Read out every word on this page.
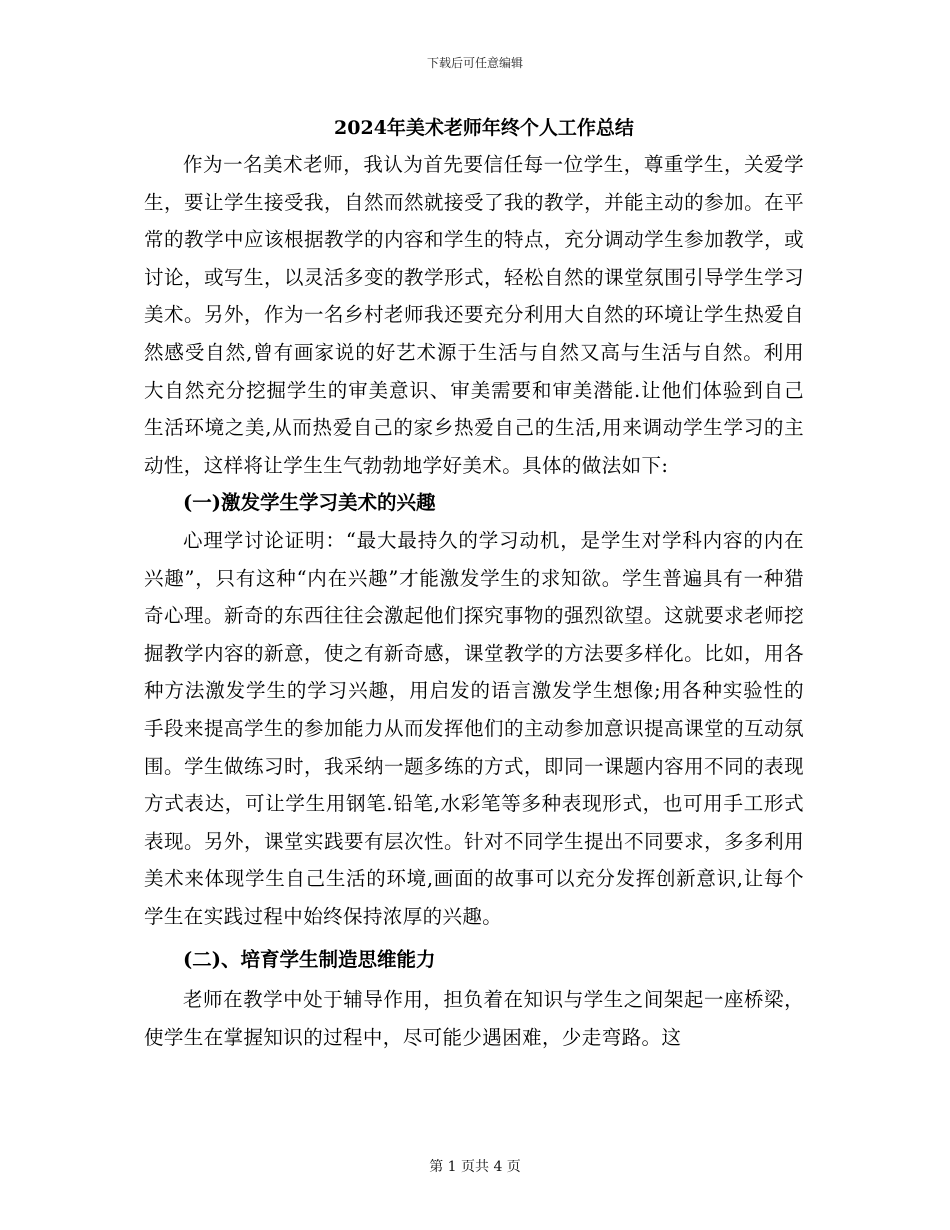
下载后可任意编辑
2024年美术老师年终个人工作总结

作为一名美术老师，我认为首先要信任每一位学生，尊重学生，关爱学生，要让学生接受我，自然而然就接受了我的教学，并能主动的参加。在平常的教学中应该根据教学的内容和学生的特点，充分调动学生参加教学，或讨论，或写生，以灵活多变的教学形式，轻松自然的课堂氛围引导学生学习美术。另外，作为一名乡村老师我还要充分利用大自然的环境让学生热爱自然感受自然,曾有画家说的好艺术源于生活与自然又高与生活与自然。利用大自然充分挖掘学生的审美意识、审美需要和审美潜能.让他们体验到自己生活环境之美,从而热爱自己的家乡热爱自己的生活,用来调动学生学习的主动性，这样将让学生生气勃勃地学好美术。具体的做法如下:

(一)激发学生学习美术的兴趣

心理学讨论证明：“最大最持久的学习动机，是学生对学科内容的内在兴趣”，只有这种“内在兴趣”才能激发学生的求知欲。学生普遍具有一种猎奇心理。新奇的东西往往会激起他们探究事物的强烈欲望。这就要求老师挖掘教学内容的新意，使之有新奇感，课堂教学的方法要多样化。比如，用各种方法激发学生的学习兴趣，用启发的语言激发学生想像;用各种实验性的手段来提高学生的参加能力从而发挥他们的主动参加意识提高课堂的互动氛围。学生做练习时，我采纳一题多练的方式，即同一课题内容用不同的表现方式表达，可让学生用钢笔.铅笔,水彩笔等多种表现形式，也可用手工形式表现。另外，课堂实践要有层次性。针对不同学生提出不同要求，多多利用美术来体现学生自己生活的环境,画面的故事可以充分发挥创新意识,让每个学生在实践过程中始终保持浓厚的兴趣。

(二)、培育学生制造思维能力

老师在教学中处于辅导作用，担负着在知识与学生之间架起一座桥梁，使学生在掌握知识的过程中，尽可能少遇困难，少走弯路。这

第 1 页共 4 页
